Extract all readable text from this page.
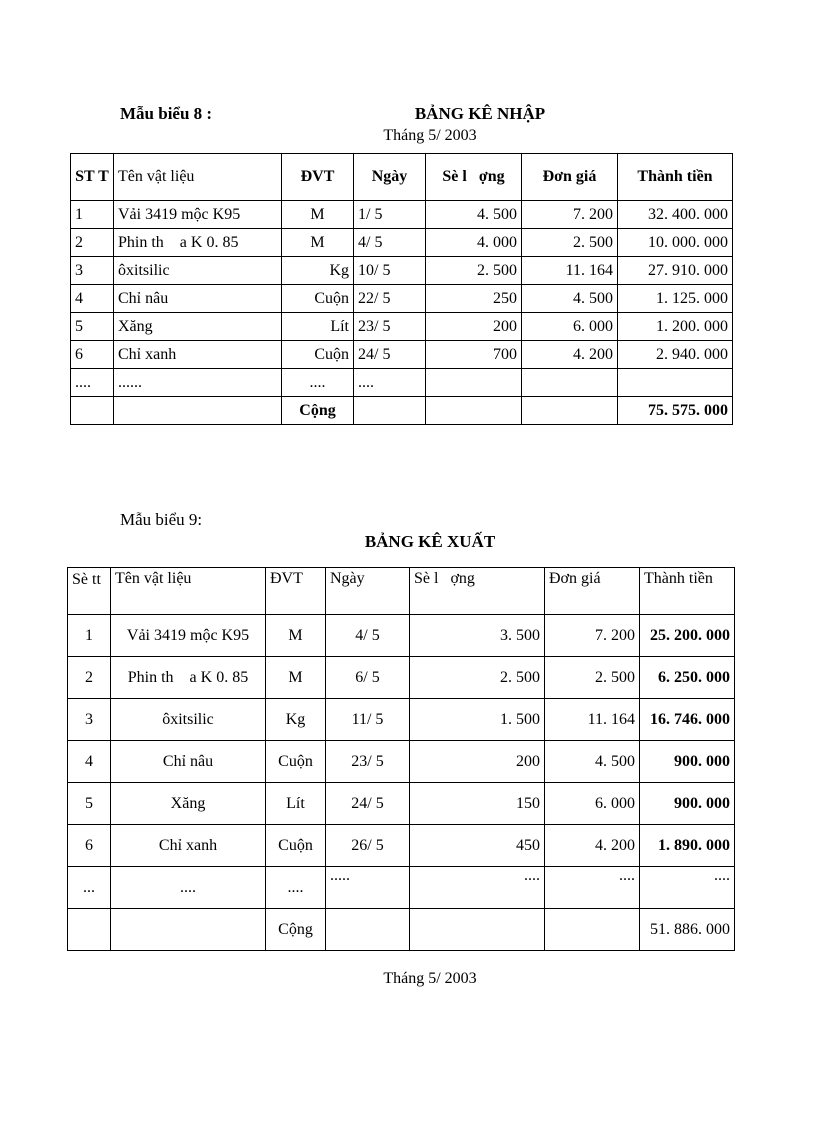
Mẫu biểu 8 :	BẢNG KÊ NHẬP
Tháng 5/ 2003
ST T	Tên vật liệu	ĐVT	Ngày	Sè l   ợng	Đơn giá	Thành tiền
1	Vải 3419 mộc K95	M	1/ 5	4. 500	7. 200	32. 400. 000
2	Phin th    a K 0. 85	M	4/ 5	4. 000	2. 500	10. 000. 000
3	ôxitsilic	Kg	10/ 5	2. 500	11. 164	27. 910. 000
4	Chỉ nâu	Cuộn	22/ 5	250	4. 500	1. 125. 000
5	Xăng	Lít	23/ 5	200	6. 000	1. 200. 000
6	Chỉ xanh	Cuộn	24/ 5	700	4. 200	2. 940. 000
....	......	....	....			
		Cộng				75. 575. 000
Mẫu biểu 9:
BẢNG KÊ XUẤT
Sè tt	Tên vật liệu	ĐVT	Ngày	Sè l   ợng	Đơn giá	Thành tiền
1	Vải 3419 mộc K95	M	4/ 5	3. 500	7. 200	25. 200. 000
2	Phin th    a K 0. 85	M	6/ 5	2. 500	2. 500	6. 250. 000
3	ôxitsilic	Kg	11/ 5	1. 500	11. 164	16. 746. 000
4	Chỉ nâu	Cuộn	23/ 5	200	4. 500	900. 000
5	Xăng	Lít	24/ 5	150	6. 000	900. 000
6	Chỉ xanh	Cuộn	26/ 5	450	4. 200	1. 890. 000
...	....	....	.....	....	....	....
		Cộng				51. 886. 000
Tháng 5/ 2003
